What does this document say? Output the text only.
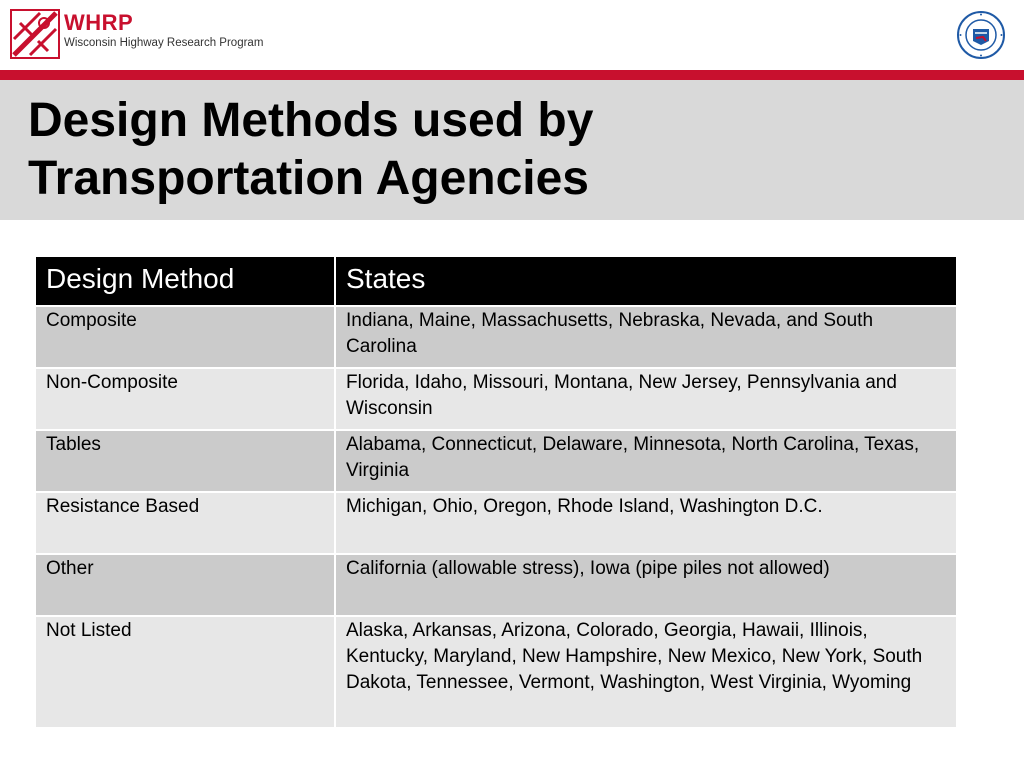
WHRP
Wisconsin Highway Research Program
Design Methods used by
Transportation Agencies
Design Method	States
Composite	Indiana, Maine, Massachusetts, Nebraska, Nevada, and South Carolina
Non-Composite	Florida, Idaho, Missouri, Montana, New Jersey, Pennsylvania and Wisconsin
Tables	Alabama, Connecticut, Delaware, Minnesota, North Carolina, Texas, Virginia
Resistance Based	Michigan, Ohio, Oregon, Rhode Island, Washington D.C.
Other	California (allowable stress), Iowa (pipe piles not allowed)
Not Listed	Alaska, Arkansas, Arizona, Colorado, Georgia, Hawaii, Illinois, Kentucky, Maryland, New Hampshire, New Mexico, New York, South Dakota, Tennessee, Vermont, Washington, West Virginia, Wyoming
